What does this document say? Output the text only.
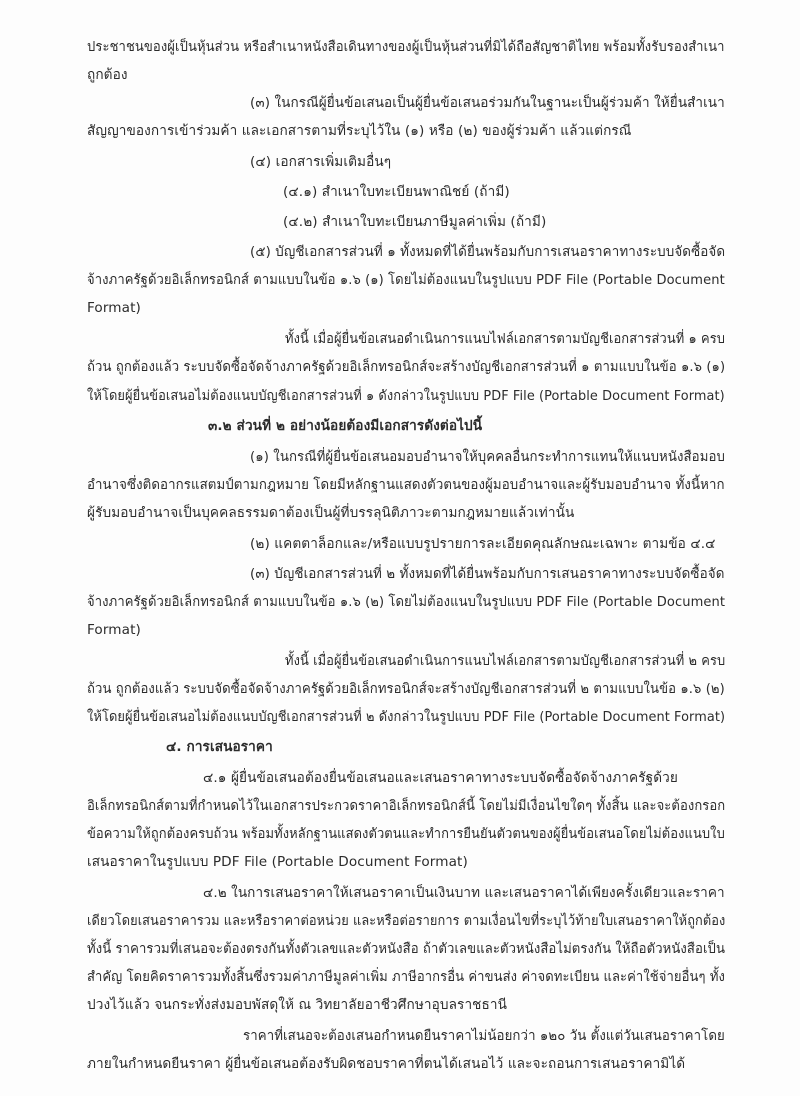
ประชาชนของผู้เป็นหุ้นส่วน หรือสำเนาหนังสือเดินทางของผู้เป็นหุ้นส่วนที่มิได้ถือสัญชาติไทย พร้อมทั้งรับรองสำเนา
ถูกต้อง
(๓) ในกรณีผู้ยื่นข้อเสนอเป็นผู้ยื่นข้อเสนอร่วมกันในฐานะเป็นผู้ร่วมค้า ให้ยื่นสำเนา
สัญญาของการเข้าร่วมค้า และเอกสารตามที่ระบุไว้ใน (๑) หรือ (๒) ของผู้ร่วมค้า แล้วแต่กรณี
(๔) เอกสารเพิ่มเติมอื่นๆ
(๔.๑) สำเนาใบทะเบียนพาณิชย์ (ถ้ามี)
(๔.๒) สำเนาใบทะเบียนภาษีมูลค่าเพิ่ม (ถ้ามี)
(๕) บัญชีเอกสารส่วนที่ ๑ ทั้งหมดที่ได้ยื่นพร้อมกับการเสนอราคาทางระบบจัดซื้อจัด
จ้างภาครัฐด้วยอิเล็กทรอนิกส์ ตามแบบในข้อ ๑.๖ (๑) โดยไม่ต้องแนบในรูปแบบ PDF File (Portable Document
Format)
ทั้งนี้ เมื่อผู้ยื่นข้อเสนอดำเนินการแนบไฟล์เอกสารตามบัญชีเอกสารส่วนที่ ๑ ครบ
ถ้วน ถูกต้องแล้ว ระบบจัดซื้อจัดจ้างภาครัฐด้วยอิเล็กทรอนิกส์จะสร้างบัญชีเอกสารส่วนที่ ๑ ตามแบบในข้อ ๑.๖ (๑)
ให้โดยผู้ยื่นข้อเสนอไม่ต้องแนบบัญชีเอกสารส่วนที่ ๑ ดังกล่าวในรูปแบบ PDF File (Portable Document Format)
๓.๒ ส่วนที่ ๒ อย่างน้อยต้องมีเอกสารดังต่อไปนี้
(๑) ในกรณีที่ผู้ยื่นข้อเสนอมอบอำนาจให้บุคคลอื่นกระทำการแทนให้แนบหนังสือมอบ
อำนาจซึ่งติดอากรแสตมป์ตามกฎหมาย โดยมีหลักฐานแสดงตัวตนของผู้มอบอำนาจและผู้รับมอบอำนาจ ทั้งนี้หาก
ผู้รับมอบอำนาจเป็นบุคคลธรรมดาต้องเป็นผู้ที่บรรลุนิติภาวะตามกฎหมายแล้วเท่านั้น
(๒) แคตตาล็อกและ/หรือแบบรูปรายการละเอียดคุณลักษณะเฉพาะ ตามข้อ ๔.๔
(๓) บัญชีเอกสารส่วนที่ ๒ ทั้งหมดที่ได้ยื่นพร้อมกับการเสนอราคาทางระบบจัดซื้อจัด
จ้างภาครัฐด้วยอิเล็กทรอนิกส์ ตามแบบในข้อ ๑.๖ (๒) โดยไม่ต้องแนบในรูปแบบ PDF File (Portable Document
Format)
ทั้งนี้ เมื่อผู้ยื่นข้อเสนอดำเนินการแนบไฟล์เอกสารตามบัญชีเอกสารส่วนที่ ๒ ครบ
ถ้วน ถูกต้องแล้ว ระบบจัดซื้อจัดจ้างภาครัฐด้วยอิเล็กทรอนิกส์จะสร้างบัญชีเอกสารส่วนที่ ๒ ตามแบบในข้อ ๑.๖ (๒)
ให้โดยผู้ยื่นข้อเสนอไม่ต้องแนบบัญชีเอกสารส่วนที่ ๒ ดังกล่าวในรูปแบบ PDF File (Portable Document Format)
๔. การเสนอราคา
๔.๑ ผู้ยื่นข้อเสนอต้องยื่นข้อเสนอและเสนอราคาทางระบบจัดซื้อจัดจ้างภาครัฐด้วย
อิเล็กทรอนิกส์ตามที่กำหนดไว้ในเอกสารประกวดราคาอิเล็กทรอนิกส์นี้ โดยไม่มีเงื่อนไขใดๆ ทั้งสิ้น และจะต้องกรอก
ข้อความให้ถูกต้องครบถ้วน พร้อมทั้งหลักฐานแสดงตัวตนและทำการยืนยันตัวตนของผู้ยื่นข้อเสนอโดยไม่ต้องแนบใบ
เสนอราคาในรูปแบบ PDF File (Portable Document Format)
๔.๒ ในการเสนอราคาให้เสนอราคาเป็นเงินบาท และเสนอราคาได้เพียงครั้งเดียวและราคา
เดียวโดยเสนอราคารวม และหรือราคาต่อหน่วย และหรือต่อรายการ ตามเงื่อนไขที่ระบุไว้ท้ายใบเสนอราคาให้ถูกต้อง
ทั้งนี้ ราคารวมที่เสนอจะต้องตรงกันทั้งตัวเลขและตัวหนังสือ ถ้าตัวเลขและตัวหนังสือไม่ตรงกัน ให้ถือตัวหนังสือเป็น
สำคัญ โดยคิดราคารวมทั้งสิ้นซึ่งรวมค่าภาษีมูลค่าเพิ่ม ภาษีอากรอื่น ค่าขนส่ง ค่าจดทะเบียน และค่าใช้จ่ายอื่นๆ ทั้ง
ปวงไว้แล้ว จนกระทั่งส่งมอบพัสดุให้ ณ วิทยาลัยอาชีวศึกษาอุบลราชธานี
ราคาที่เสนอจะต้องเสนอกำหนดยืนราคาไม่น้อยกว่า ๑๒๐ วัน ตั้งแต่วันเสนอราคาโดย
ภายในกำหนดยืนราคา ผู้ยื่นข้อเสนอต้องรับผิดชอบราคาที่ตนได้เสนอไว้ และจะถอนการเสนอราคามิได้
